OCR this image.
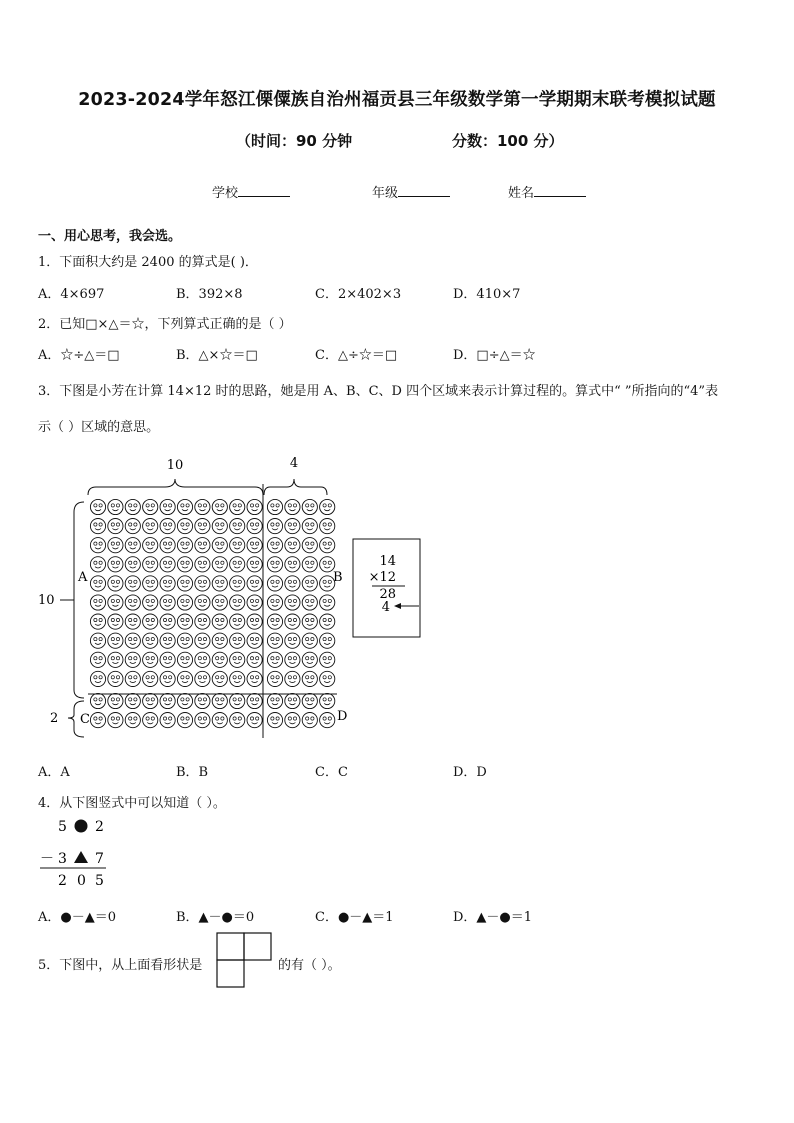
2023-2024学年怒江傈僳族自治州福贡县三年级数学第一学期期末联考模拟试题
（时间：90 分钟	分数：100 分）
学校	年级	姓名
一、用心思考，我会选。
1．下面积大约是 2400 的算式是( )．
A．4×697	B．392×8	C．2×402×3	D．410×7
2．已知□×△＝☆，下列算式正确的是（ ）
A．☆÷△＝□	B．△×☆＝□	C．△÷☆＝□	D．□÷△＝☆
3．下图是小芳在计算 14×12 时的思路，她是用 A、B、C、D 四个区域来表示计算过程的。算式中“ ”所指向的“4”表
示（ ）区域的意思。
10	4
10
2
A	B
C	D
14
×12
28
4
A．A	B．B	C．C	D．D
4．从下图竖式中可以知道（ ）。
5 2
－ 3 7
2 0 5
A．●－▲＝0	B．▲－●＝0	C．●－▲＝1	D．▲－●＝1
5．下图中，从上面看形状是	的有（ ）。
